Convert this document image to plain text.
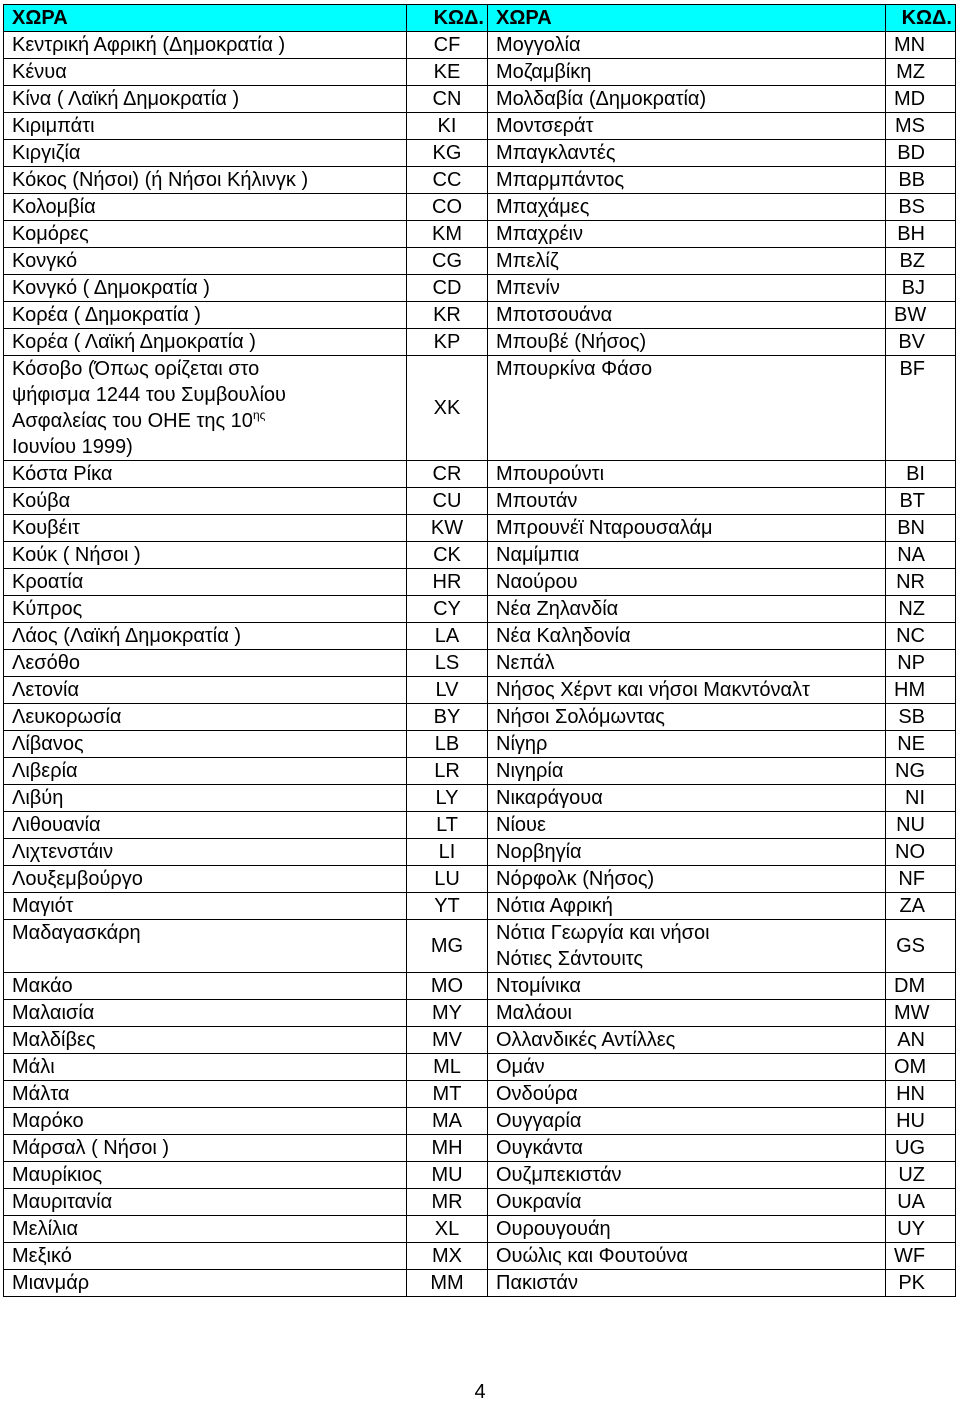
ΧΩΡΑ	ΚΩΔ.	ΧΩΡΑ	ΚΩΔ.
Κεντρική Αφρική (Δημοκρατία )	CF	Μογγολία	MN
Κένυα	KE	Μοζαμβίκη	MZ
Κίνα ( Λαϊκή Δημοκρατία )	CN	Μολδαβία (Δημοκρατία)	MD
Κιριμπάτι	KI	Μοντσεράτ	MS
Κιργιζία	KG	Μπαγκλαντές	BD
Κόκος (Νήσοι) (ή Νήσοι Κήλινγκ )	CC	Μπαρμπάντος	BB
Κολομβία	CO	Μπαχάμες	BS
Κομόρες	KM	Μπαχρέιν	BH
Κονγκό	CG	Μπελίζ	BZ
Κονγκό ( Δημοκρατία )	CD	Μπενίν	BJ
Κορέα ( Δημοκρατία )	KR	Μποτσουάνα	BW
Κορέα ( Λαϊκή Δημοκρατία )	KP	Μπουβέ (Νήσος)	BV

Κόσοβο (Όπως ορίζεται στο
ψήφισμα 1244 του Συμβουλίου
Ασφαλείας του ΟΗΕ της $10^{\eta\varsigma}$
Ιουνίου 1999)	XK	Μπουρκίνα Φάσο	BF
Κόστα Ρίκα	CR	Μπουρούντι	BI
Κούβα	CU	Μπουτάν	BT
Κουβέιτ	KW	Μπρουνέϊ Νταρουσαλάμ	BN
Κούκ ( Νήσοι )	CK	Ναμίμπια	NA
Κροατία	HR	Ναούρου	NR
Κύπρος	CY	Νέα Ζηλανδία	NZ
Λάος (Λαϊκή Δημοκρατία )	LA	Νέα Καληδονία	NC
Λεσόθο	LS	Νεπάλ	NP
Λετονία	LV	Νήσος Χέρντ και νήσοι Μακντόναλτ	HM
Λευκορωσία	BY	Νήσοι Σολόμωντας	SB
Λίβανος	LB	Νίγηρ	NE
Λιβερία	LR	Νιγηρία	NG
Λιβύη	LY	Νικαράγουα	NI
Λιθουανία	LT	Νίουε	NU
Λιχτενστάιν	LI	Νορβηγία	NO
Λουξεμβούργο	LU	Νόρφολκ (Νήσος)	NF
Μαγιότ	YT	Νότια Αφρική	ZA
Μαδαγασκάρη	MG	Νότια Γεωργία και νήσοι
Νότιες Σάντουιτς	GS
Μακάο	MO	Ντομίνικα	DM
Μαλαισία	MY	Μαλάουι	MW
Μαλδίβες	MV	Ολλανδικές Αντίλλες	AN
Μάλι	ML	Ομάν	OM
Μάλτα	MT	Ονδούρα	HN
Μαρόκο	MA	Ουγγαρία	HU
Μάρσαλ ( Νήσοι )	MH	Ουγκάντα	UG
Μαυρίκιος	MU	Ουζμπεκιστάν	UZ
Μαυριτανία	MR	Ουκρανία	UA
Μελίλια	XL	Ουρουγουάη	UY
Μεξικό	MX	Ουώλις και Φουτούνα	WF
Μιανμάρ	MM	Πακιστάν	PK
4
